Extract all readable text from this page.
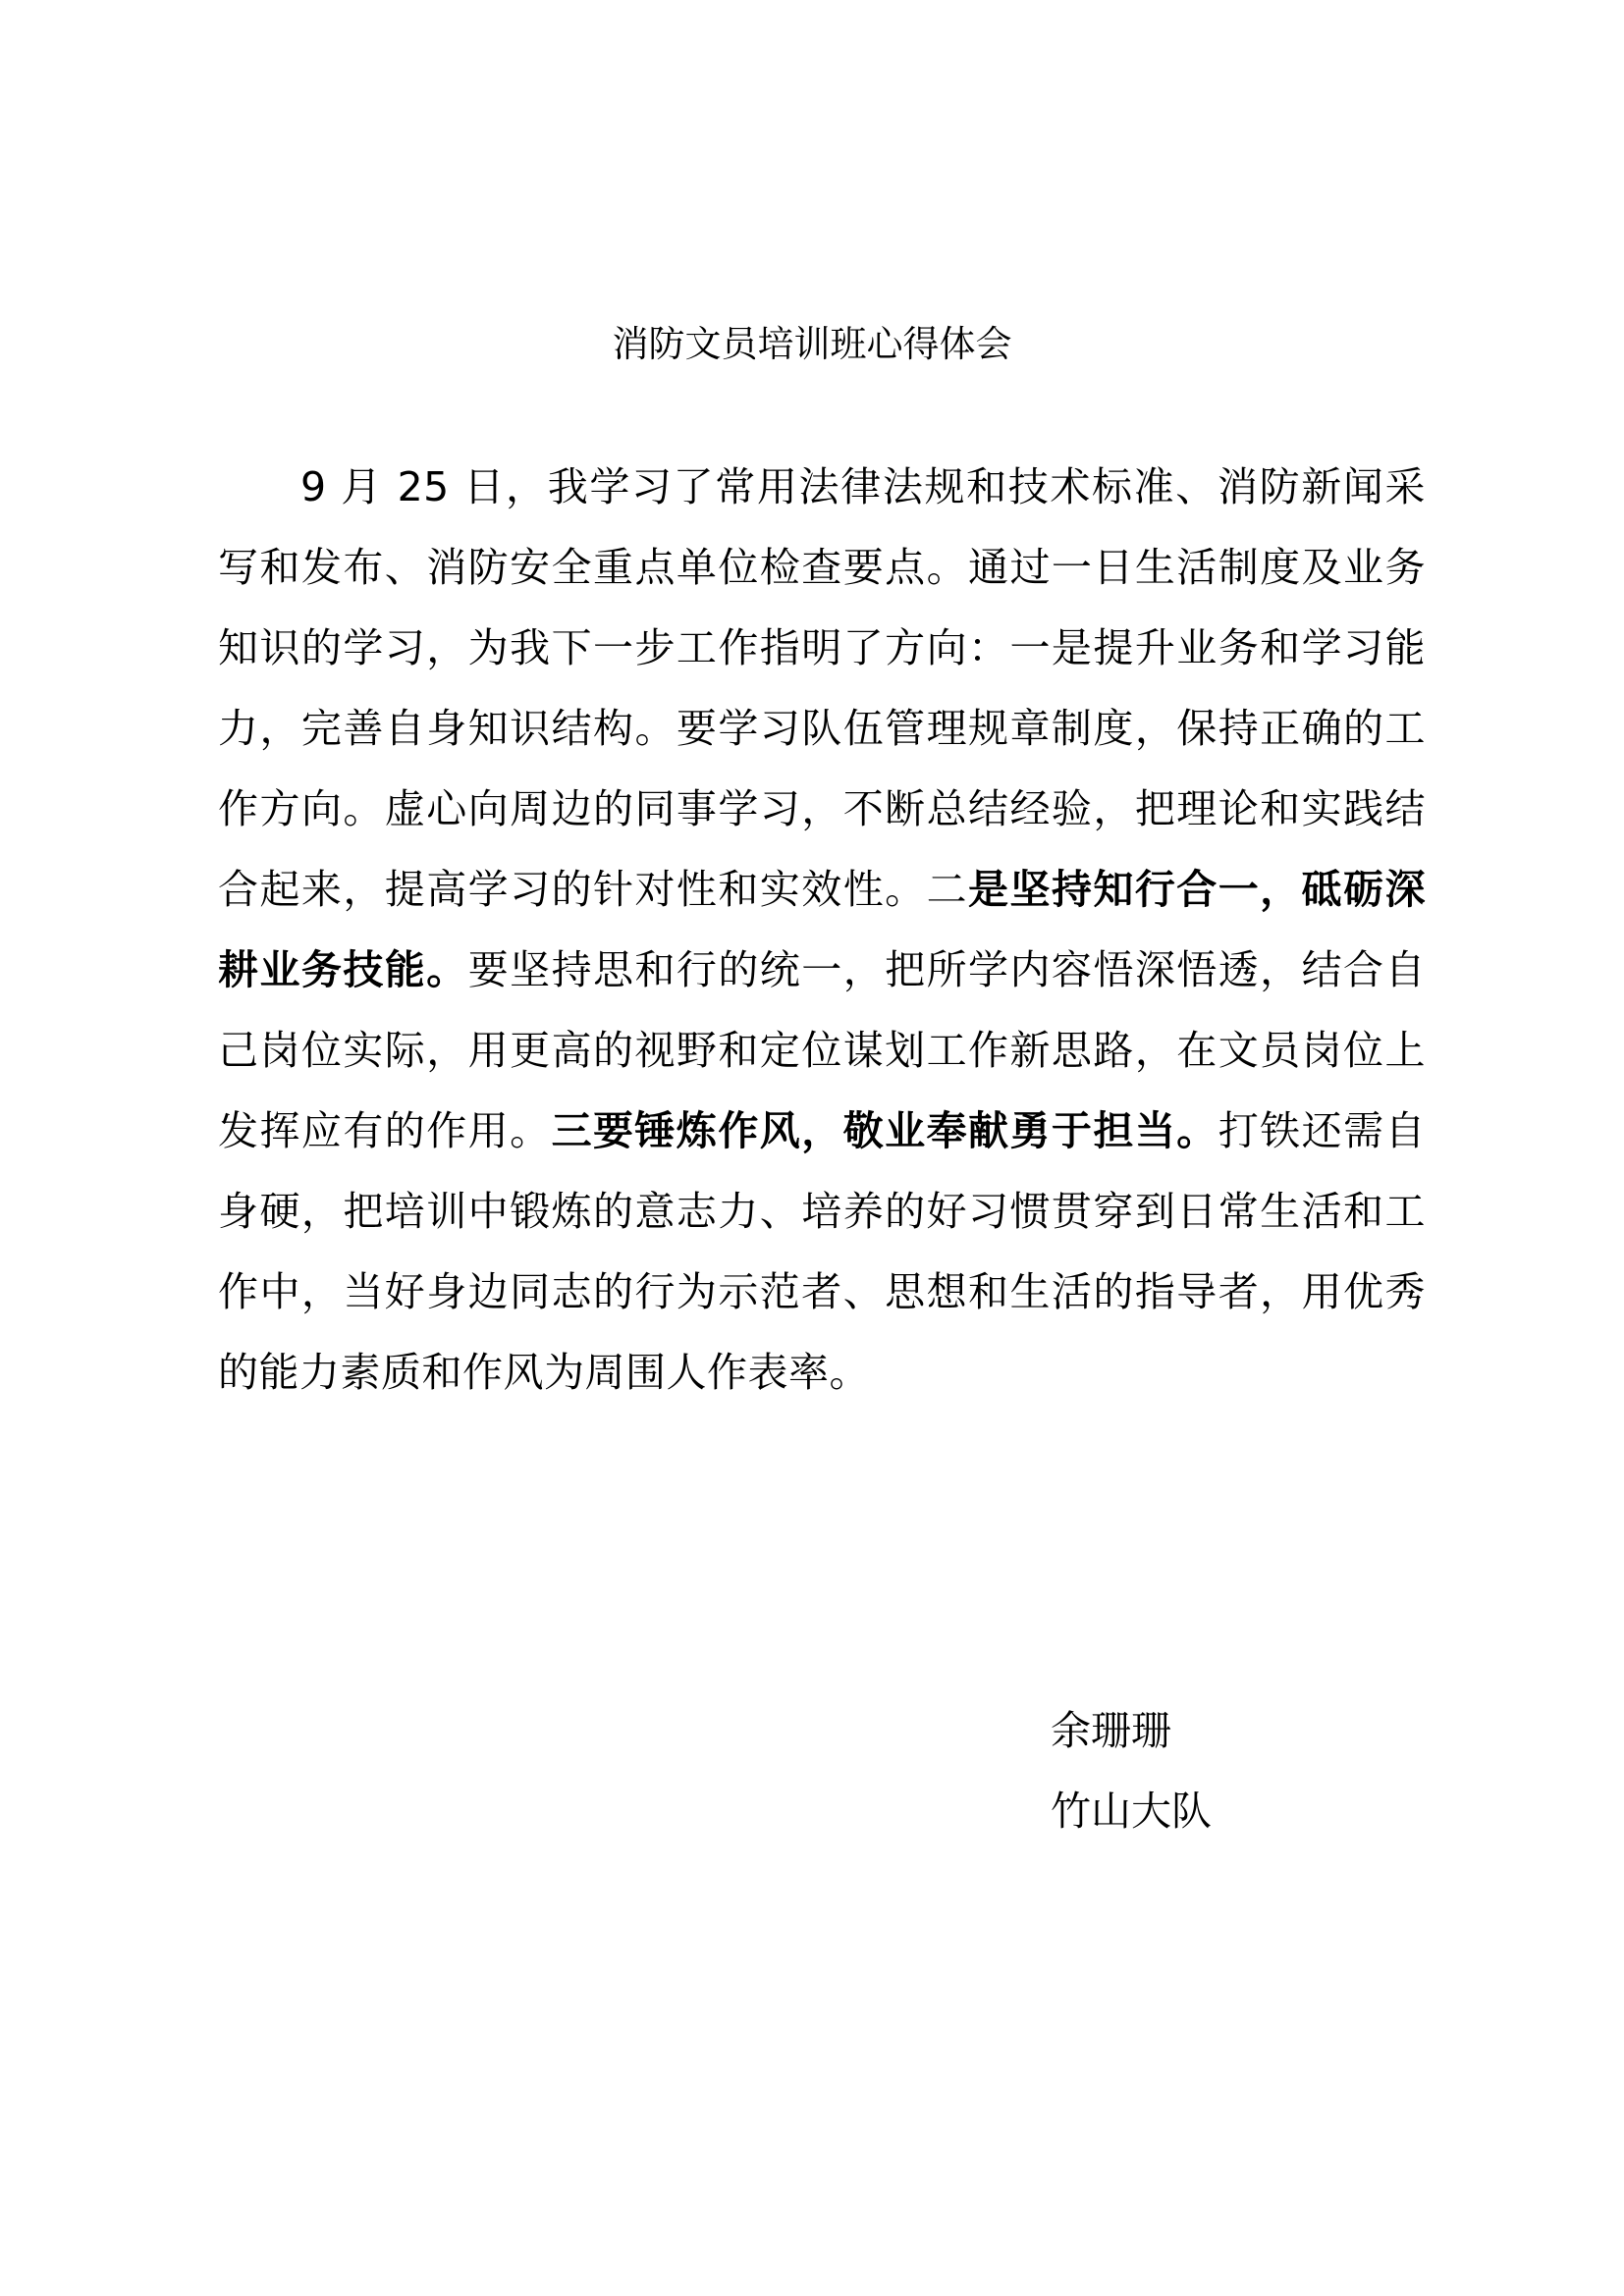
消防文员培训班心得体会

9 月 25 日，我学习了常用法律法规和技术标准、消防新闻采写和发布、消防安全重点单位检查要点。通过一日生活制度及业务知识的学习，为我下一步工作指明了方向：一是提升业务和学习能力，完善自身知识结构。要学习队伍管理规章制度，保持正确的工作方向。虚心向周边的同事学习，不断总结经验，把理论和实践结合起来，提高学习的针对性和实效性。二是坚持知行合一，砥砺深耕业务技能。要坚持思和行的统一，把所学内容悟深悟透，结合自己岗位实际，用更高的视野和定位谋划工作新思路，在文员岗位上发挥应有的作用。三要锤炼作风，敬业奉献勇于担当。打铁还需自身硬，把培训中锻炼的意志力、培养的好习惯贯穿到日常生活和工作中，当好身边同志的行为示范者、思想和生活的指导者，用优秀的能力素质和作风为周围人作表率。

余珊珊
竹山大队
